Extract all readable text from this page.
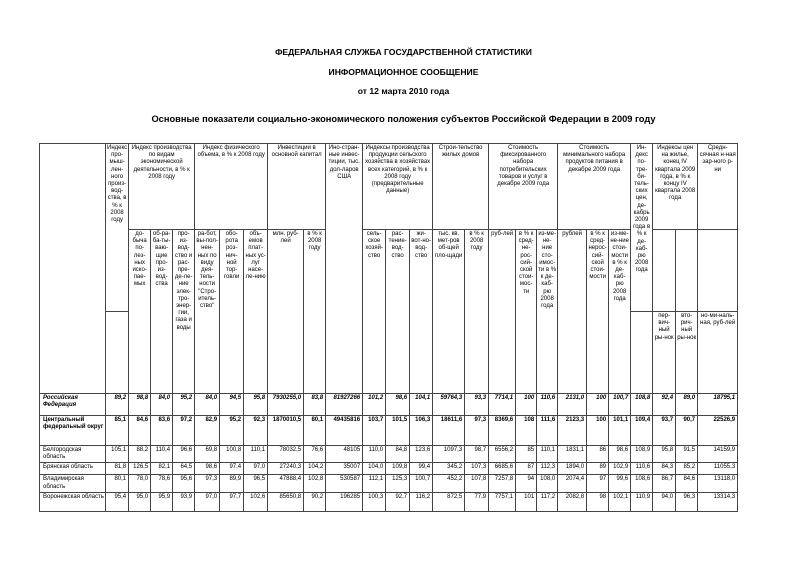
ФЕДЕРАЛЬНАЯ СЛУЖБА ГОСУДАРСТВЕННОЙ СТАТИСТИКИ
ИНФОРМАЦИОННОЕ СООБЩЕНИЕ
от 12 марта 2010 года
Основные показатели социально-экономического положения субъектов Российской Федерации в 2009 году
	Индекс про-мыш-лен-ного произ-вод-ства, в % к 2008 году	Индекс производства по видам экономической деятельности, в % к 2008 году			Индекс физического объема, в % к 2008 году			Инвестиции в основной капитал		Ино-стран-ные инвес-тиции, тыс. дол-ларов США	Индексы производства продукции сельского хозяйства в хозяйствах всех категорий, в % к 2008 году (предварительные данные)			Строи-тельство жилых домов		Стоимость фиксированного набора потребительских товаров и услуг в декабре 2009 года			Стоимость минимального набора продуктов питания в декабре 2009 года			Ин-декс по-тре-би-тель-ских цен, де-кабрь 2009 года в % к де-каб-рю 2008 года	Индексы цен на жилье, конец IV квартала 2009 года, в % к концу IV квартала 2008 года		Средн-сячная н-ная зар-ного р-ни
		до-бычa по-лез-ных иско-пае-мых	об-ра-ба-ты-ваю-щие про-из-вод-ства	про-из-вод-ство и рас-пре-де-ле-ние элек-тро-энер-гии, газа и воды	ра-бот, вы-пол-нен-ных по виду дея-тель-ности "Стро-итель-ство"	обо-рота роз-нич-ной тор-говли	объ-емов плат-ных ус-луг насе-ле-нию	млн. руб-лей	в % к 2008 году		сель-ское хозяй-ство	рас-тение-вод-ство	жи-вот-но-вод-ство	тыс. кв. мет-ров об-щей пло-щади	в % к 2008 году	руб-лей	в % к сред-не-рос-сий-ской стои-мос-ти	из-ме-не-ние сто-имос-ти в % к де-каб-рю 2008 года	рублей	в % к сред-нерос-сий-ской стои-мости	из-ме-не-ние стои-мости в % к де-каб-рю 2008 года				
																							пер-вич-ный ры-нок	вто-рич-ный ры-нок	но-ми-наль-ная, руб-лей
Российская Федерация	89,2	98,8	84,0	95,2	84,0	94,5	95,8	7930255,0	83,8	81927266	101,2	98,6	104,1	59764,3	93,3	7714,1	100	110,6	2131,0	100	100,7	108,8	92,4	89,0	18795,1
Центральный федеральный округ	85,1	84,6	83,6	97,2	82,9	95,2	92,3	1870010,5	80,1	49435816	103,7	101,5	106,3	18611,6	97,3	8369,6	108	111,6	2123,3	100	101,1	109,4	93,7	90,7	22526,9
Белгородская область	105,1	88,2	110,4	96,6	69,8	100,8	110,1	78032,5	76,6	48105	110,0	84,8	123,6	1097,3	98,7	6556,2	85	110,1	1831,1	86	98,6	108,9	95,8	91,5	14159,9
Брянская область	81,8	126,5	82,1	64,5	98,6	97,4	97,0	27240,3	104,2	35007	104,0	109,8	99,4	345,2	107,3	6685,6	87	112,3	1894,0	89	102,9	110,6	84,3	85,2	11055,3
Владимирская область	80,1	78,0	78,6	95,6	97,3	89,9	96,5	47888,4	102,8	530587	112,1	125,3	100,7	452,2	107,8	7257,8	94	108,0	2074,4	97	99,6	108,6	86,7	84,6	13118,0
Воронежская область	95,4	95,0	95,9	93,9	97,0	97,7	102,6	85650,8	90,2	196285	100,3	92,7	116,2	872,5	77,9	7757,1	101	117,2	2082,8	98	102,1	110,9	94,0	96,3	13314,3
